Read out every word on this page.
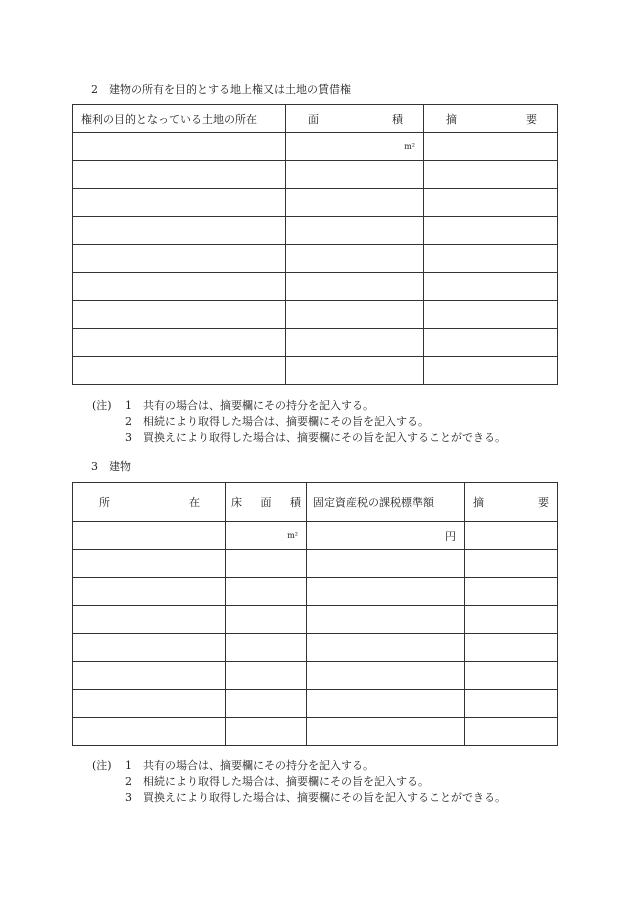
2 建物の所有を目的とする地上権又は土地の賃借権
権利の目的となっている土地の所在	面 積	摘 要

	m²	

(注)	1	共有の場合は、摘要欄にその持分を記入する。
2	相続により取得した場合は、摘要欄にその旨を記入する。
3	買換えにより取得した場合は、摘要欄にその旨を記入することができる。
3 建物
所 在	床 面 積	固定資産税の課税標準額	摘 要

	m²	円	

(注)	1	共有の場合は、摘要欄にその持分を記入する。
2	相続により取得した場合は、摘要欄にその旨を記入する。
3	買換えにより取得した場合は、摘要欄にその旨を記入することができる。
